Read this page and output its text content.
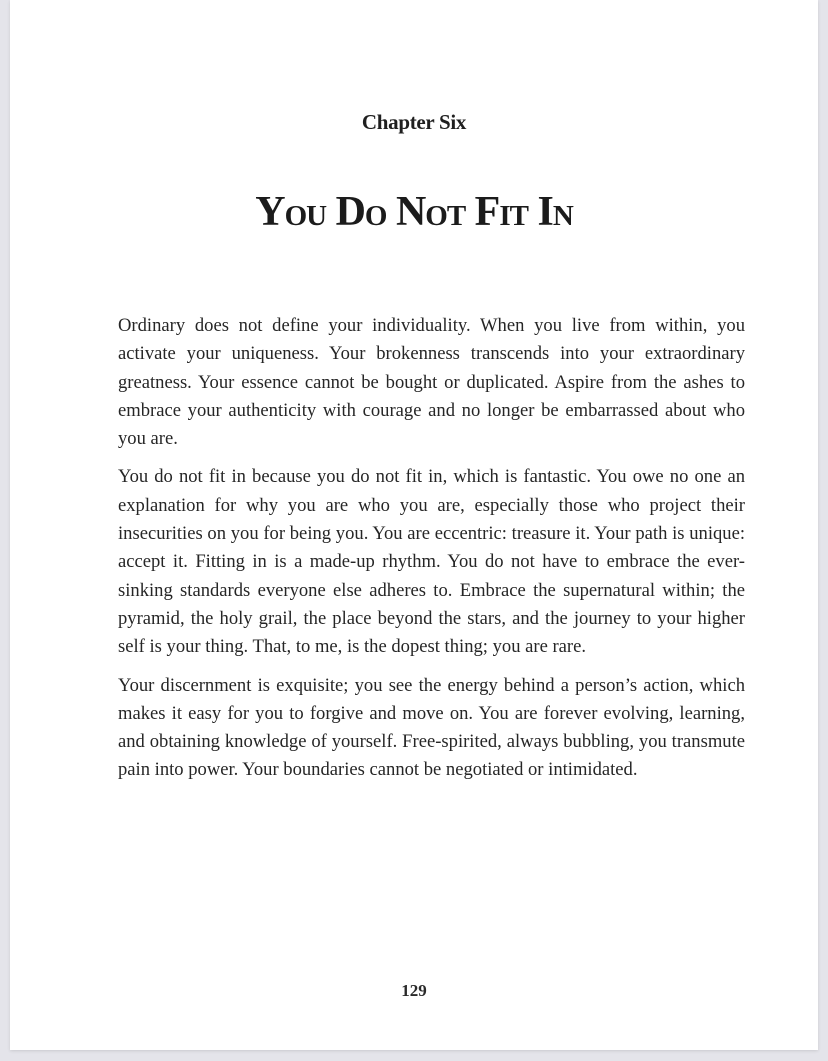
Chapter Six
You Do Not Fit In

Ordinary does not define your individuality. When you live from within, you activate your uniqueness. Your brokenness transcends into your extraordinary greatness. Your essence cannot be bought or duplicated. Aspire from the ashes to embrace your authenticity with courage and no longer be embarrassed about who you are.

You do not fit in because you do not fit in, which is fantastic. You owe no one an explanation for why you are who you are, especially those who project their insecurities on you for being you. You are eccentric: treasure it. Your path is unique: accept it. Fitting in is a made-up rhythm. You do not have to embrace the ever-sinking standards everyone else adheres to. Embrace the supernatural within; the pyramid, the holy grail, the place beyond the stars, and the journey to your higher self is your thing. That, to me, is the dopest thing; you are rare.

Your discernment is exquisite; you see the energy behind a person’s action, which makes it easy for you to forgive and move on. You are forever evolving, learning, and obtaining knowledge of yourself. Free-spirited, always bubbling, you transmute pain into power. Your boundaries cannot be negotiated or intimidated.

129
